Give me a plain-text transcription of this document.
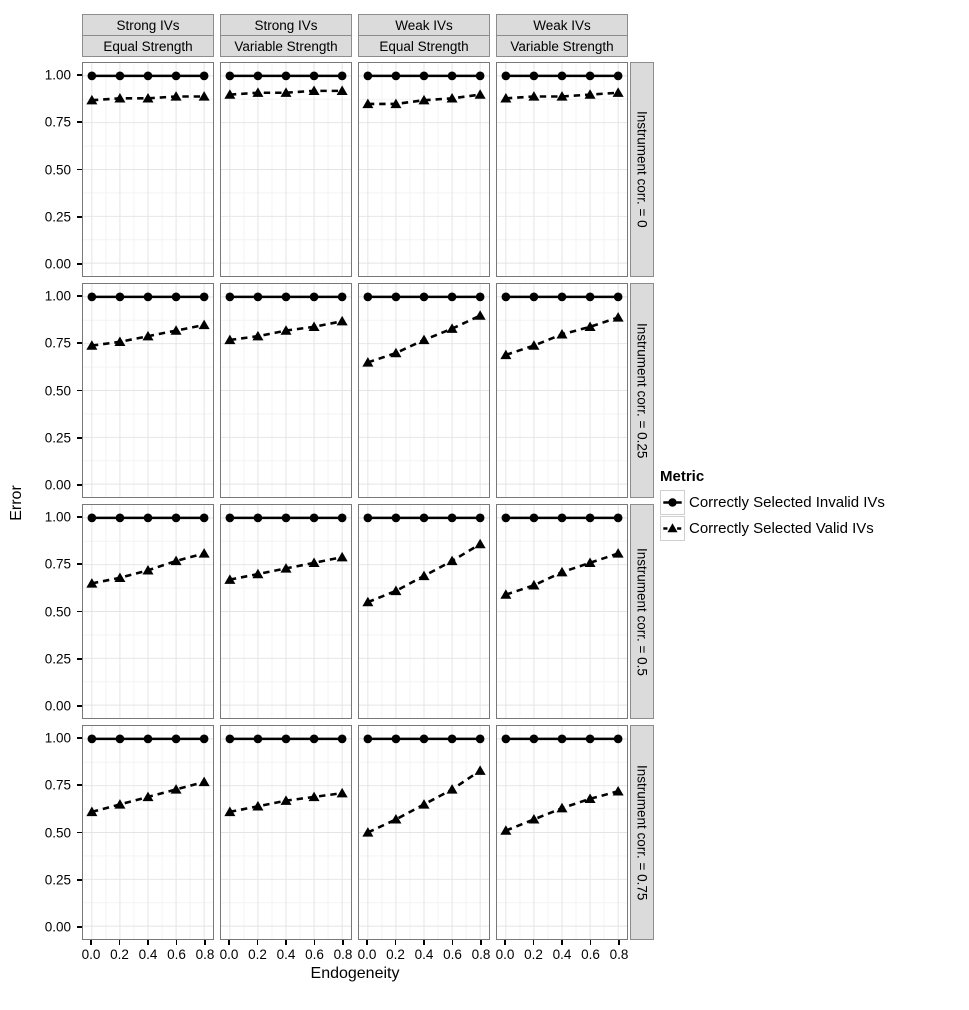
Strong IVs
Equal Strength
Strong IVs
Variable Strength
Weak IVs
Equal Strength
Weak IVs
Variable Strength
1.00
0.75
0.50
0.25
0.00
Instrument corr. = 0
1.00
0.75
0.50
0.25
0.00
Instrument corr. = 0.25
1.00
0.75
0.50
0.25
0.00
Instrument corr. = 0.5
1.00
0.75
0.50
0.25
0.00
Instrument corr. = 0.75
0.0 0.2 0.4 0.6 0.8 0.0 0.2 0.4 0.6 0.8 0.0 0.2 0.4 0.6 0.8 0.0 0.2 0.4 0.6 0.8
Endogeneity
Error
Metric
Correctly Selected Invalid IVs
Correctly Selected Valid IVs
